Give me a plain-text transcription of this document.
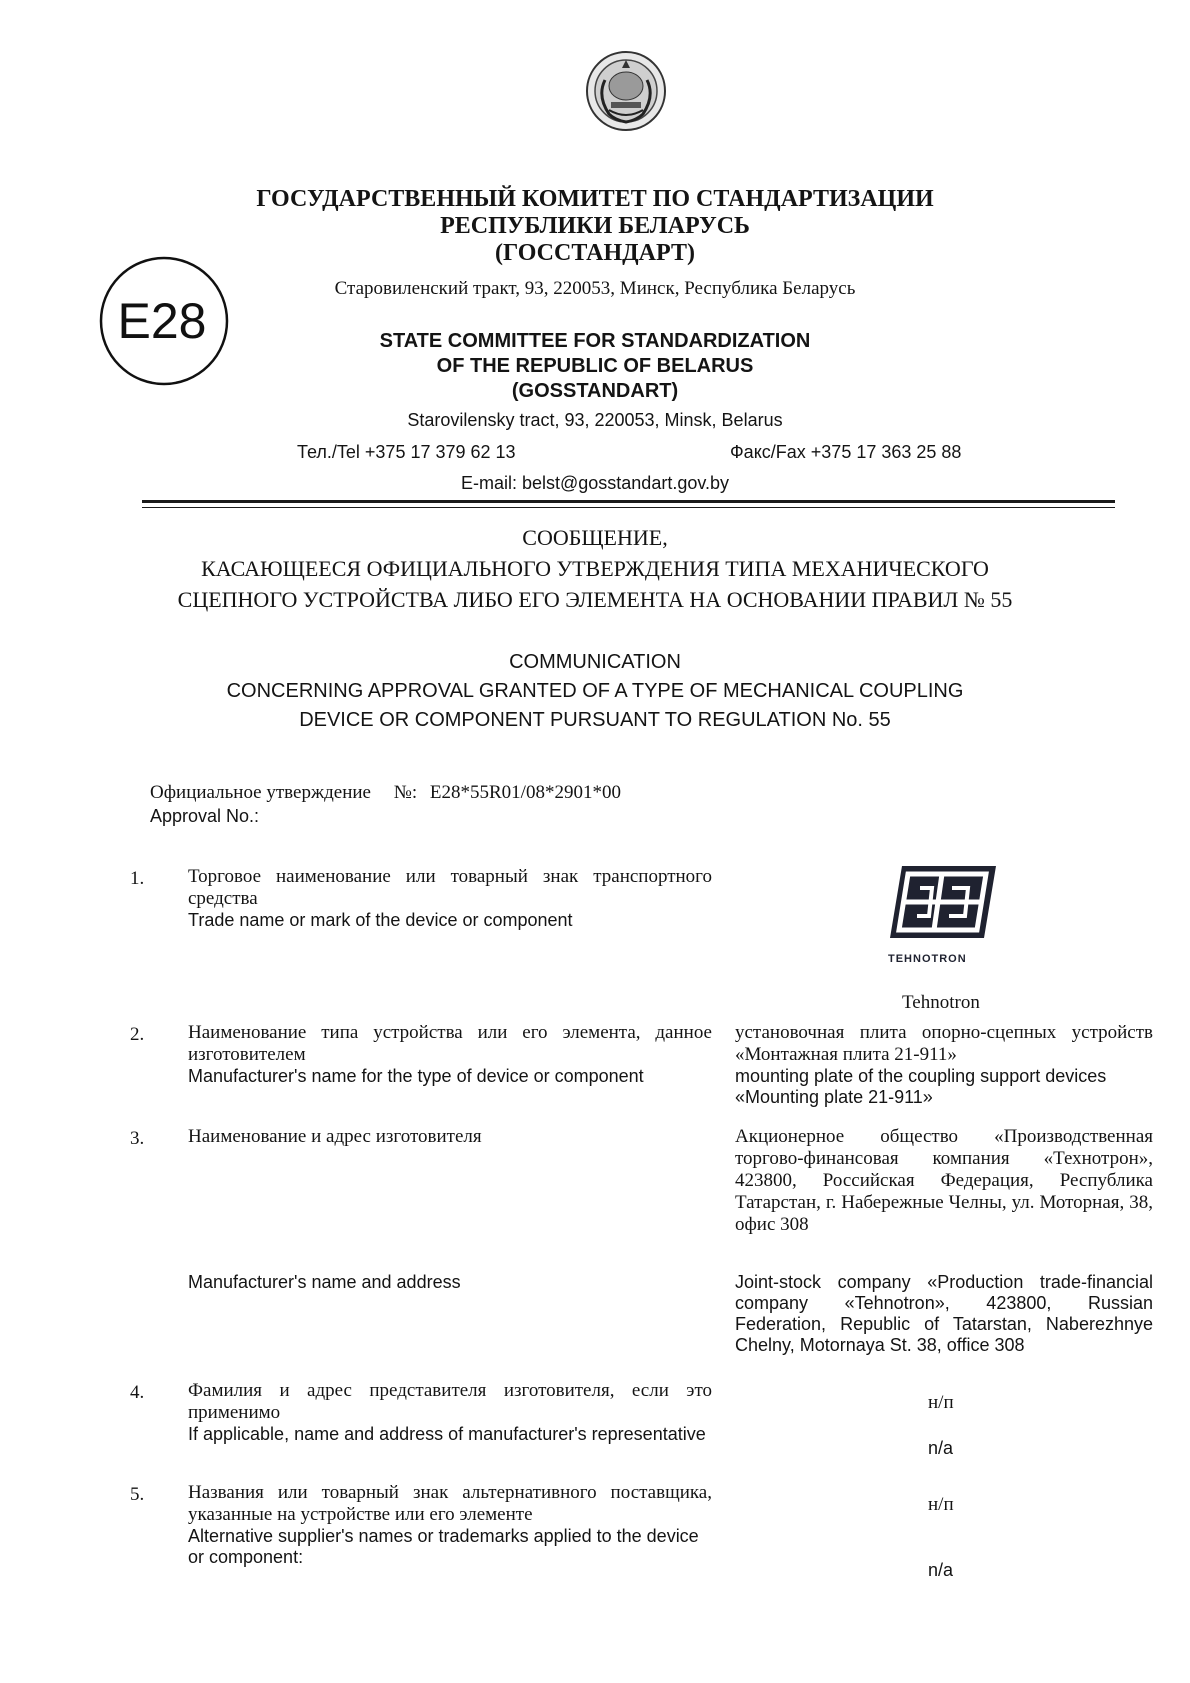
E28
ГОСУДАРСТВЕННЫЙ КОМИТЕТ ПО СТАНДАРТИЗАЦИИ
РЕСПУБЛИКИ БЕЛАРУСЬ
(ГОССТАНДАРТ)
Старовиленский тракт, 93, 220053, Минск, Республика Беларусь
STATE COMMITTEE FOR STANDARDIZATION
OF THE REPUBLIC OF BELARUS
(GOSSTANDART)
Starovilensky tract, 93, 220053, Minsk, Belarus
Тел./Tel +375 17 379 62 13	Факс/Fax +375 17 363 25 88
E-mail: belst@gosstandart.gov.by
СООБЩЕНИЕ,
КАСАЮЩЕЕСЯ ОФИЦИАЛЬНОГО УТВЕРЖДЕНИЯ ТИПА МЕХАНИЧЕСКОГО
СЦЕПНОГО УСТРОЙСТВА ЛИБО ЕГО ЭЛЕМЕНТА НА ОСНОВАНИИ ПРАВИЛ № 55
COMMUNICATION
CONCERNING APPROVAL GRANTED OF A TYPE OF MECHANICAL COUPLING
DEVICE OR COMPONENT PURSUANT TO REGULATION No. 55
Официальное утверждение №: E28*55R01/08*2901*00
Approval No.:
1. Торговое наименование или товарный знак транспортного средства
Trade name or mark of the device or component
TEHNOTRON
Tehnotron
2. Наименование типа устройства или его элемента, данное изготовителем
Manufacturer's name for the type of device or component
установочная плита опорно-сцепных устройств «Монтажная плита 21-911»
mounting plate of the coupling support devices «Mounting plate 21-911»
3. Наименование и адрес изготовителя
Manufacturer's name and address
Акционерное общество «Производственная торгово-финансовая компания «Технотрон», 423800, Российская Федерация, Республика Татарстан, г. Набережные Челны, ул. Моторная, 38, офис 308
Joint-stock company «Production trade-financial company «Tehnotron», 423800, Russian Federation, Republic of Tatarstan, Naberezhnye Chelny, Motornaya St. 38, office 308
4. Фамилия и адрес представителя изготовителя, если это применимо
If applicable, name and address of manufacturer's representative
н/п
n/a
5. Названия или товарный знак альтернативного поставщика, указанные на устройстве или его элементе
Alternative supplier's names or trademarks applied to the device or component:
н/п
n/a
